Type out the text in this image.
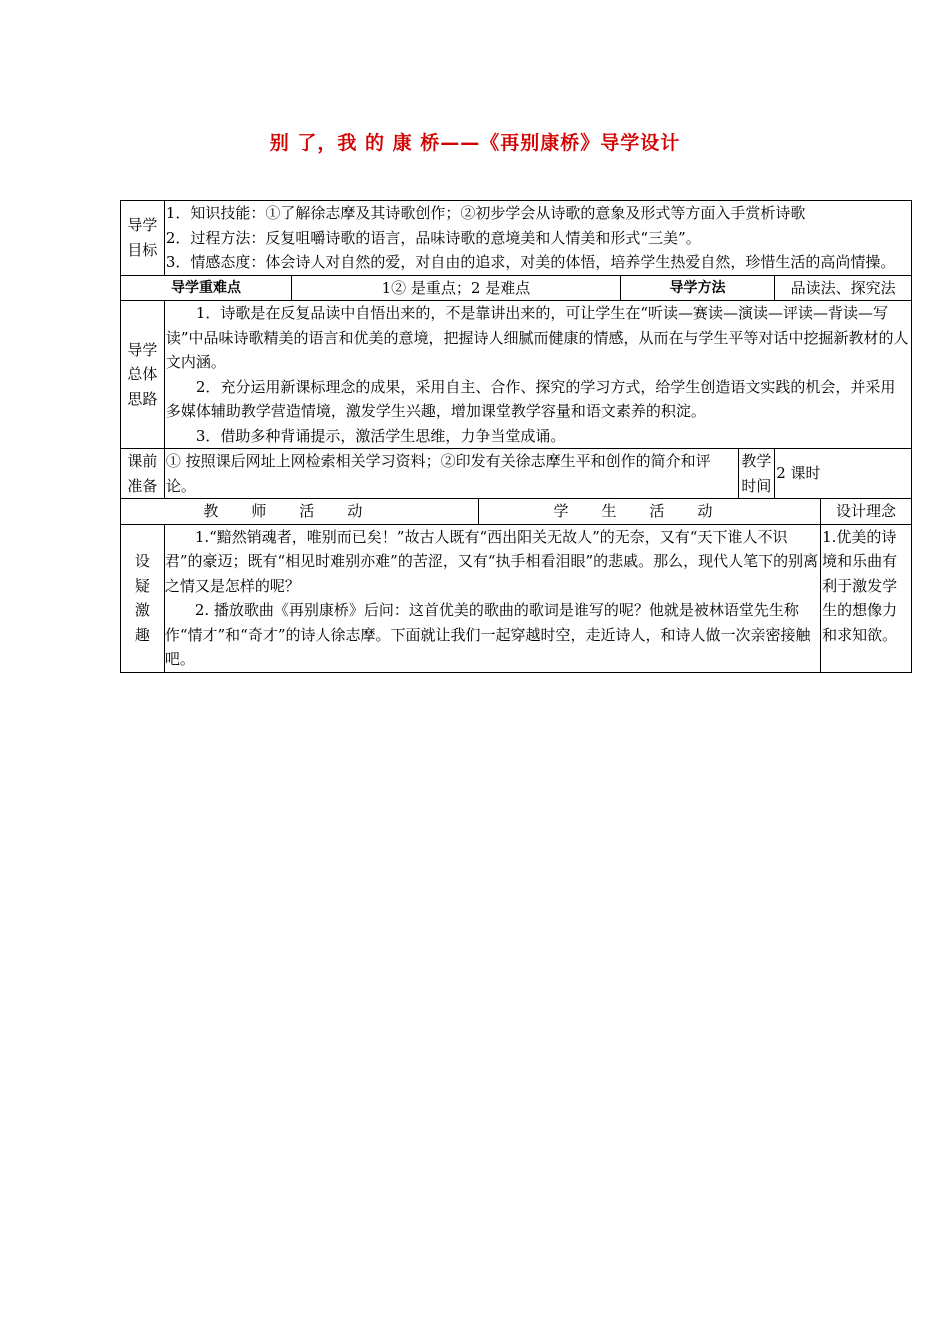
别 了，我 的 康 桥——《再别康桥》导学设计
导学目标	1．知识技能：①了解徐志摩及其诗歌创作；②初步学会从诗歌的意象及形式等方面入手赏析诗歌

2．过程方法：反复咀嚼诗歌的语言，品味诗歌的意境美和人情美和形式“三美”。

3．情感态度：体会诗人对自然的爱，对自由的追求，对美的体悟，培养学生热爱自然，珍惜生活的高尚情操。						

导学重难点		1② 是重点；2 是难点		导学方法		品读法、探究法	
导学总体思路	1．诗歌是在反复品读中自悟出来的，不是靠讲出来的，可让学生在“听读—赛读—演读—评读—背读—写读”中品味诗歌精美的语言和优美的意境，把握诗人细腻而健康的情感，从而在与学生平等对话中挖掘新教材的人文内涵。

2．充分运用新课标理念的成果，采用自主、合作、探究的学习方式，给学生创造语文实践的机会，并采用多媒体辅助教学营造情境，激发学生兴趣，增加课堂教学容量和语文素养的积淀。

3．借助多种背诵提示，激活学生思维，力争当堂成诵。						

课前准备	① 按照课后网址上网检索相关学习资料；②印发有关徐志摩生平和创作的简介和评论。				教学时间	2 课时	
教师活动			学生活动				设计理念
设疑激趣	1.“黯然销魂者，唯别而已矣！”故古人既有“西出阳关无故人”的无奈，又有“天下谁人不识君”的豪迈；既有“相见时难别亦难”的苦涩，又有“执手相看泪眼”的悲戚。那么，现代人笔下的别离之情又是怎样的呢？

2. 播放歌曲《再别康桥》后问：这首优美的歌曲的歌词是谁写的呢？他就是被林语堂先生称作“情才”和“奇才”的诗人徐志摩。下面就让我们一起穿越时空，走近诗人，和诗人做一次亲密接触吧。						1.优美的诗境和乐曲有利于激发学生的想像力和求知欲。
